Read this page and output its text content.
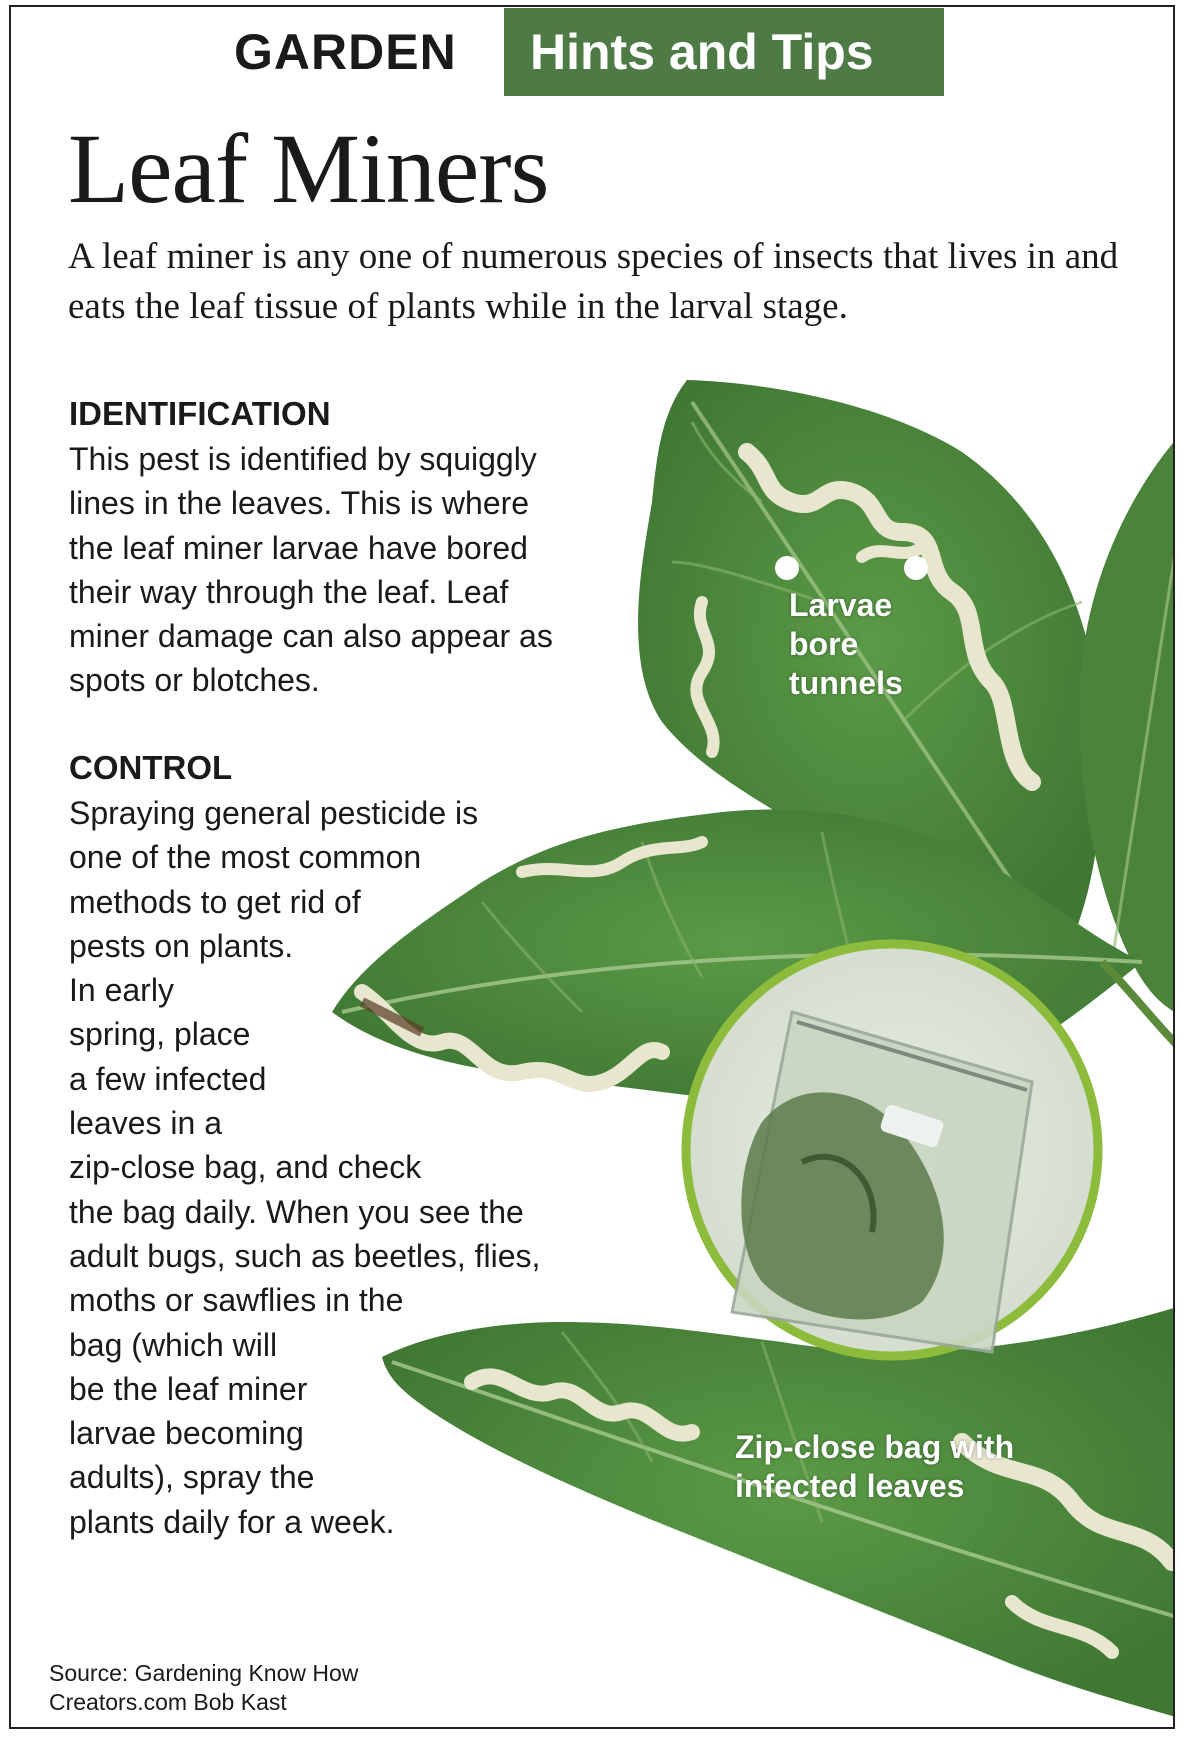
GARDEN Hints and Tips
Leaf Miners
A leaf miner is any one of numerous species of insects that lives in and eats the leaf tissue of plants while in the larval stage.
IDENTIFICATION
This pest is identified by squiggly
lines in the leaves. This is where
the leaf miner larvae have bored
their way through the leaf. Leaf
miner damage can also appear as
spots or blotches.
CONTROL
Spraying general pesticide is
one of the most common
methods to get rid of
pests on plants.
In early
spring, place
a few infected
leaves in a
zip-close bag, and check
the bag daily. When you see the
adult bugs, such as beetles, flies,
moths or sawflies in the
bag (which will
be the leaf miner
larvae becoming
adults), spray the
plants daily for a week.
Larvae
bore
tunnels
Zip-close bag with
infected leaves
Source: Gardening Know How
Creators.com Bob Kast
